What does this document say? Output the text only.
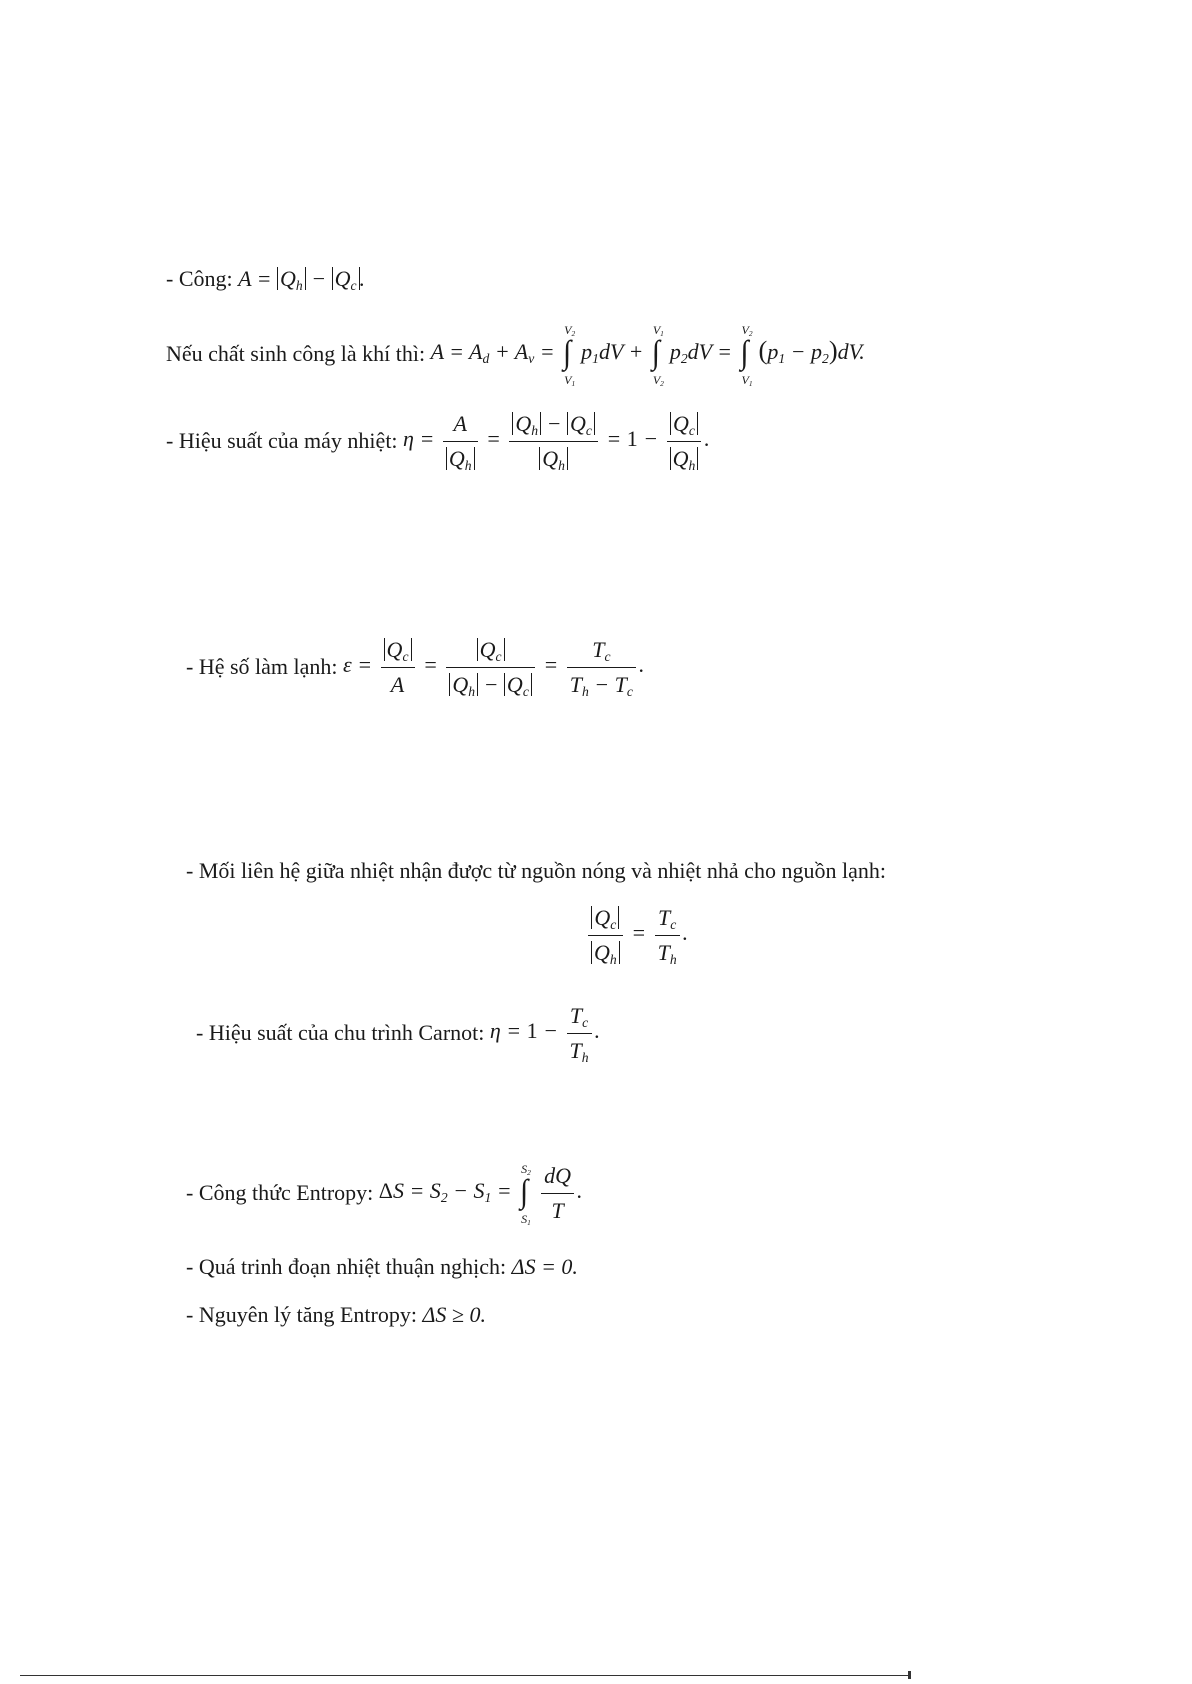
- Công: $A = Q_h - Q_c$ .
Nếu chất sinh công là khí thì: $A = A_d + A_v$ =
$V_2$
∫
$V_1$
$p_1dV$ +
$V_1$
∫
$V_2$
$p_2dV$ =
$V_2$
∫
$V_1$
$(p_1 - p_2)dV$.
- Hiệu suất của máy nhiệt: $\eta = \frac{A}{Q_h} = \frac{Q_h - Q_c}{Q_h} = 1 - \frac{Q_c}{Q_h}$ .
- Hệ số làm lạnh: $\varepsilon = \frac{Q_c}{A} = \frac{Q_c}{Q_h - Q_c} = \frac{T_c}{T_h - T_c}$ .
- Mối liên hệ giữa nhiệt nhận được từ nguồn nóng và nhiệt nhả cho nguồn lạnh:
$\frac{Q_c}{Q_h} = \frac{T_c}{T_h}$ .
- Hiệu suất của chu trình Carnot: $\eta = 1 - \frac{T_c}{T_h}$ .
- Công thức Entropy: $\Delta S = S_2 - S_1$ =
$S_2$
∫
$S_1 \frac{dQ}{T}$ .
- Quá trinh đoạn nhiệt thuận nghịch: ΔS = 0.
- Nguyên lý tăng Entropy: ΔS ≥ 0.
